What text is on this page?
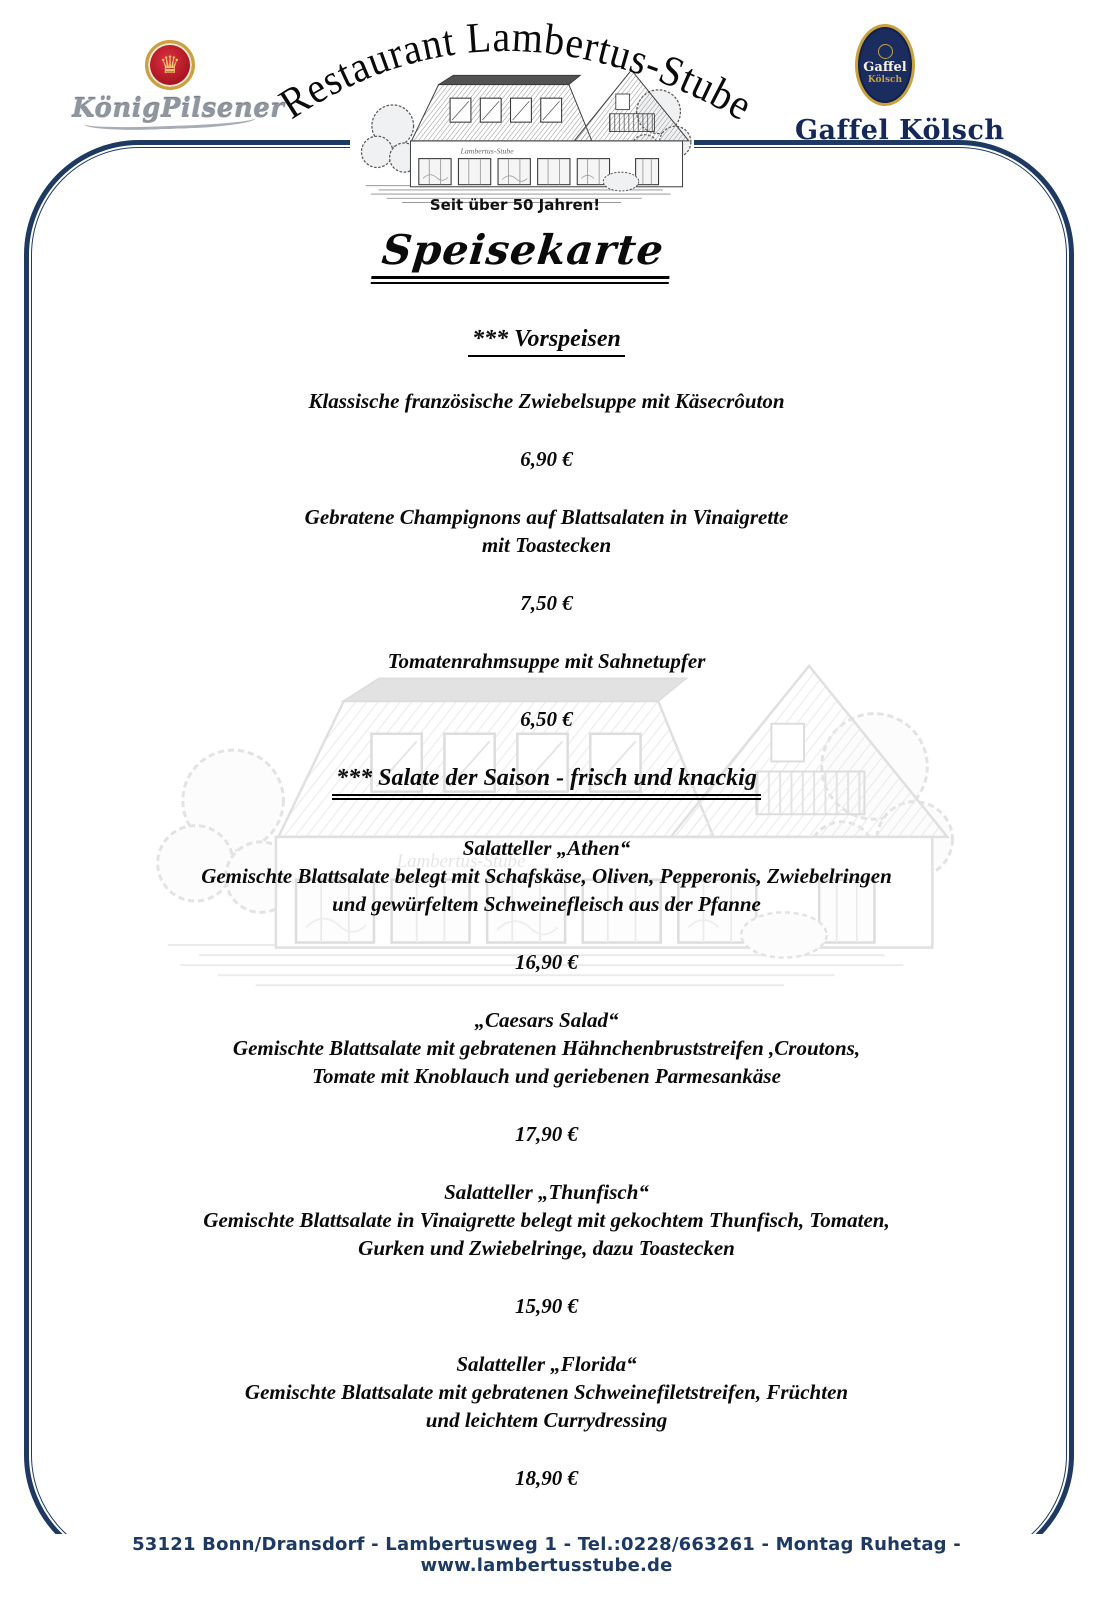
Restaurant Lambertus-Stube
♛
KönigPilsener
Gaffel
Kölsch
Gaffel Kölsch
Seit über 50 Jahren!
Speisekarte
*** Vorspeisen
Klassische französische Zwiebelsuppe mit Käsecrôuton
6,90 €
Gebratene Champignons auf Blattsalaten in Vinaigrette
mit Toastecken
7,50 €
Tomatenrahmsuppe mit Sahnetupfer
6,50 €
*** Salate der Saison - frisch und knackig
Salatteller „Athen“
Gemischte Blattsalate belegt mit Schafskäse, Oliven, Pepperonis, Zwiebelringen
und gewürfeltem Schweinefleisch aus der Pfanne
16,90 €
„Caesars Salad“
Gemischte Blattsalate mit gebratenen Hähnchenbruststreifen ,Croutons,
Tomate mit Knoblauch und geriebenen Parmesankäse
17,90 €
Salatteller „Thunfisch“
Gemischte Blattsalate in Vinaigrette belegt mit gekochtem Thunfisch, Tomaten,
Gurken und Zwiebelringe, dazu Toastecken
15,90 €
Salatteller „Florida“
Gemischte Blattsalate mit gebratenen Schweinefiletstreifen, Früchten
und leichtem Currydressing
18,90 €
53121 Bonn/Dransdorf - Lambertusweg 1 - Tel.:0228/663261 - Montag Ruhetag - www.lambertusstube.de
